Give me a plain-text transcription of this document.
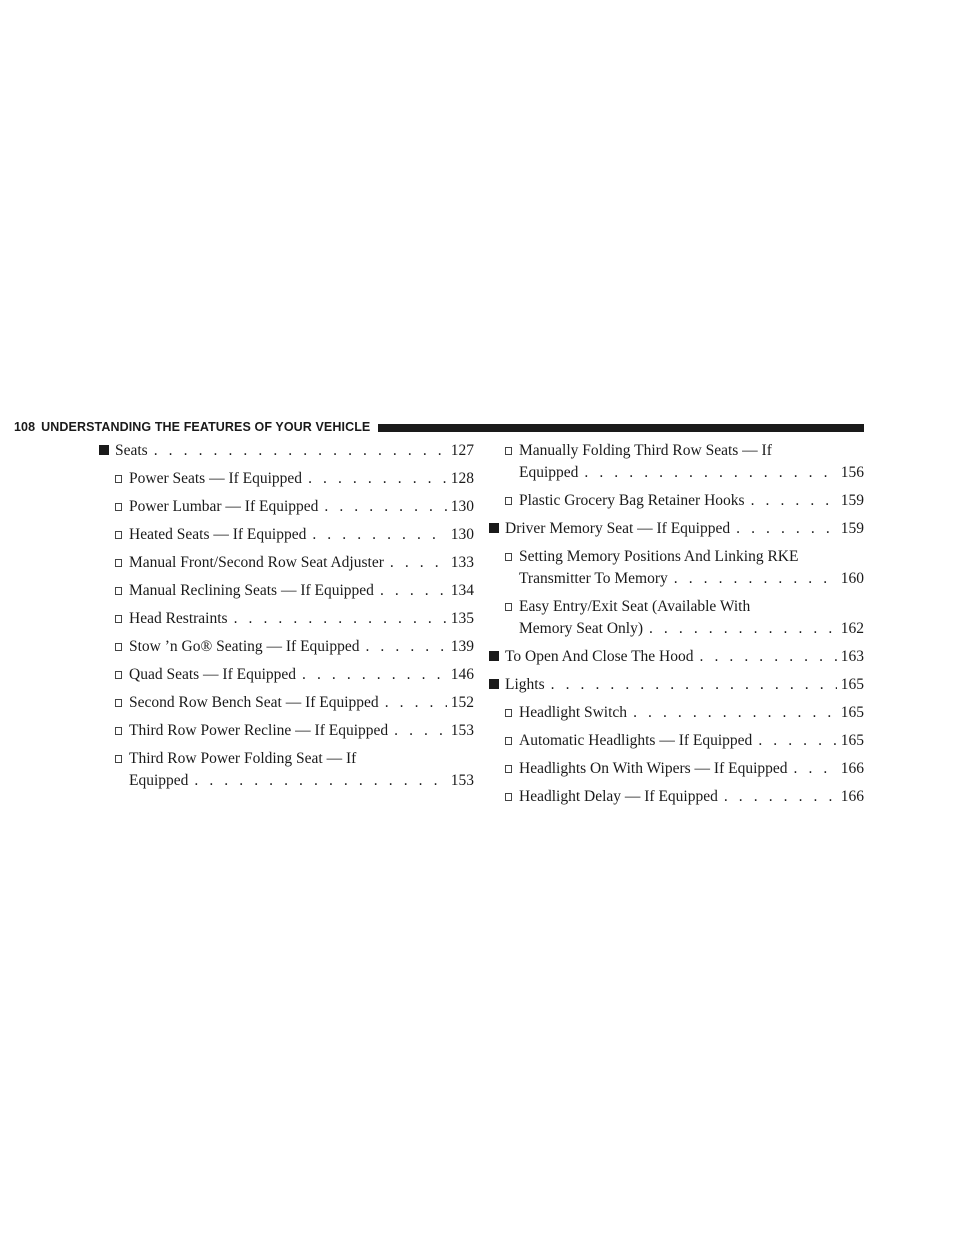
108 UNDERSTANDING THE FEATURES OF YOUR VEHICLE
Seats . . .	127
Power Seats — If Equipped . . .	128
Power Lumbar — If Equipped . . .	130
Heated Seats — If Equipped . . .	130
Manual Front/Second Row Seat Adjuster . . .	133
Manual Reclining Seats — If Equipped . . .	134
Head Restraints . . .	135
Stow ’n Go® Seating — If Equipped . . .	139
Quad Seats — If Equipped . . .	146
Second Row Bench Seat — If Equipped . . .	152
Third Row Power Recline — If Equipped . . .	153
Third Row Power Folding Seat — If
Equipped . . .	153
Manually Folding Third Row Seats — If
Equipped . . .	156
Plastic Grocery Bag Retainer Hooks . . .	159
Driver Memory Seat — If Equipped . . .	159
Setting Memory Positions And Linking RKE
Transmitter To Memory . . .	160
Easy Entry/Exit Seat (Available With
Memory Seat Only) . . .	162
To Open And Close The Hood . . .	163
Lights . . .	165
Headlight Switch . . .	165
Automatic Headlights — If Equipped . . .	165
Headlights On With Wipers — If Equipped . . .	166
Headlight Delay — If Equipped . . .	166
